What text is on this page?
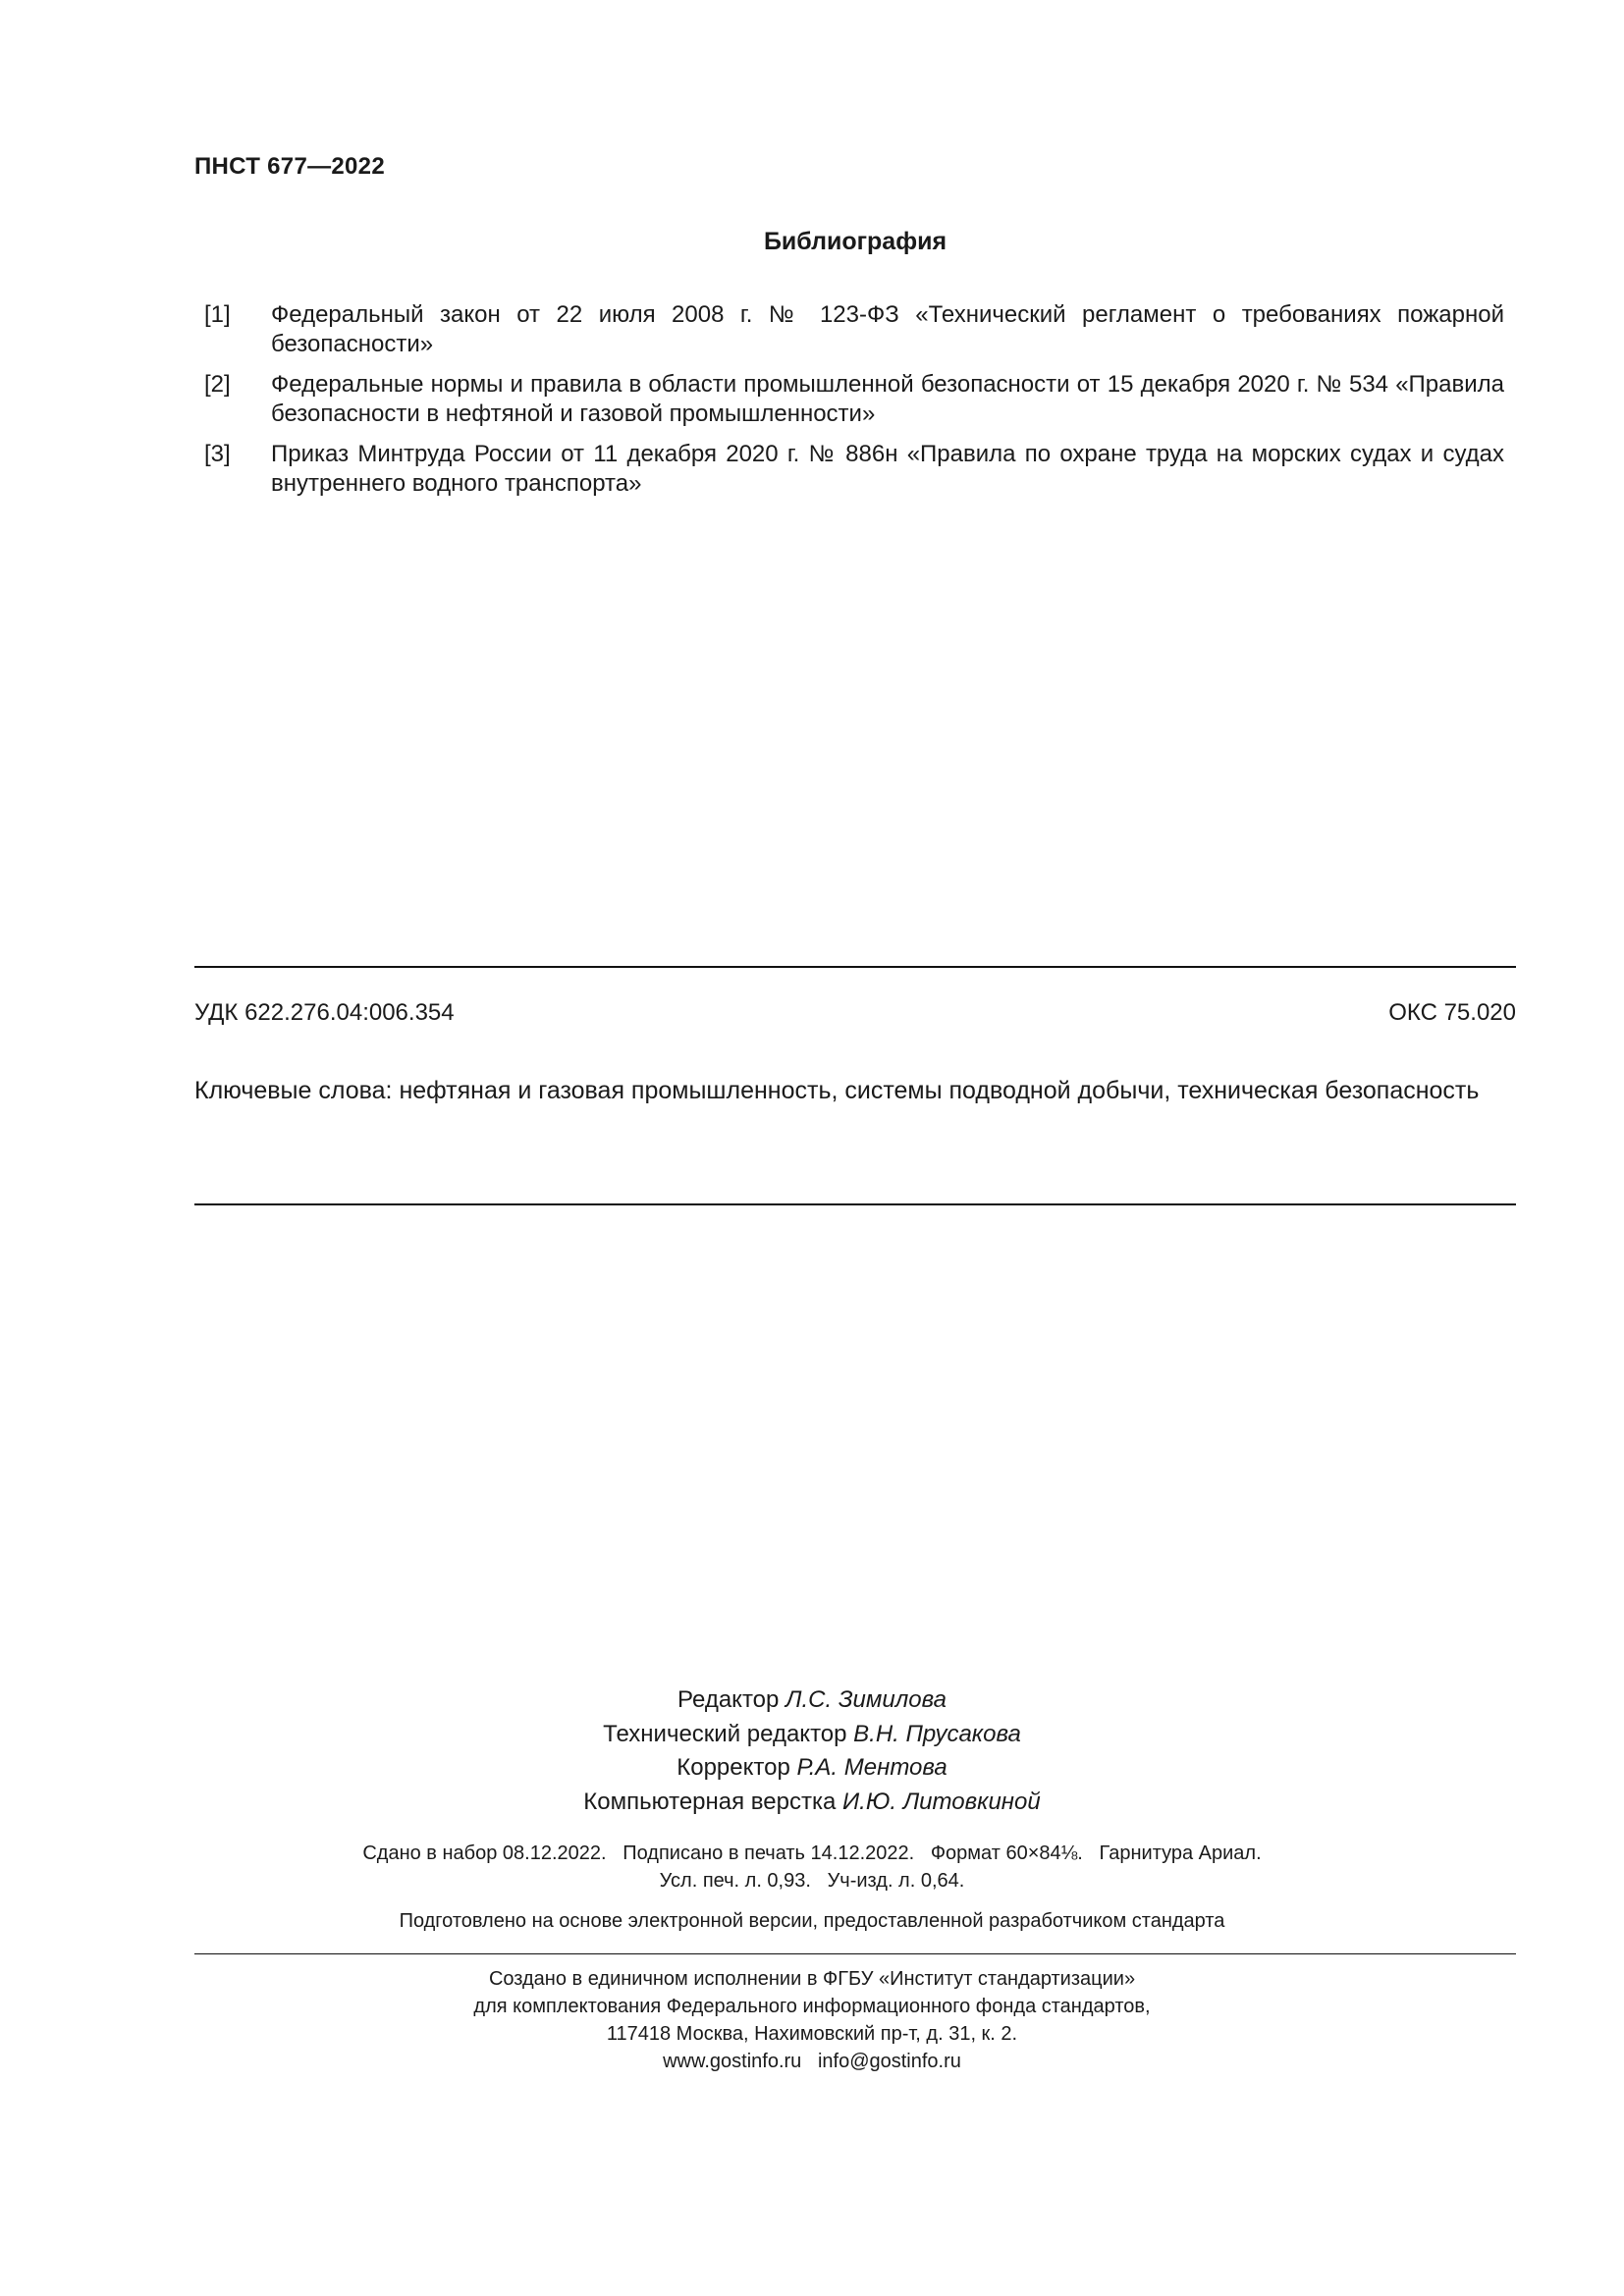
ПНСТ 677—2022
Библиография
[1]	Федеральный закон от 22 июля 2008 г. № 123-ФЗ «Технический регламент о требованиях пожарной безопасности»
[2]	Федеральные нормы и правила в области промышленной безопасности от 15 декабря 2020 г. № 534 «Правила безопасности в нефтяной и газовой промышленности»
[3]	Приказ Минтруда России от 11 декабря 2020 г. № 886н «Правила по охране труда на морских судах и судах внутреннего водного транспорта»
УДК 622.276.04:006.354	ОКС 75.020
Ключевые слова: нефтяная и газовая промышленность, системы подводной добычи, техническая безопасность
Редактор Л.С. Зимилова
Технический редактор В.Н. Прусакова
Корректор Р.А. Ментова
Компьютерная верстка И.Ю. Литовкиной
Сдано в набор 08.12.2022.   Подписано в печать 14.12.2022.   Формат 60×84⅛.   Гарнитура Ариал.
Усл. печ. л. 0,93.   Уч-изд. л. 0,64.
Подготовлено на основе электронной версии, предоставленной разработчиком стандарта
Создано в единичном исполнении в ФГБУ «Институт стандартизации»
для комплектования Федерального информационного фонда стандартов,
117418 Москва, Нахимовский пр-т, д. 31, к. 2.
www.gostinfo.ru   info@gostinfo.ru
